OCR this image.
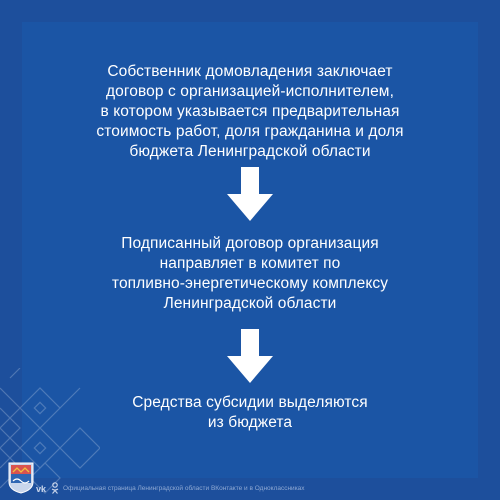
Собственник домовладения заключает
договор с организацией-исполнителем,
в котором указывается предварительная
стоимость работ, доля гражданина и доля
бюджета Ленинградской области

Подписанный договор организация
направляет в комитет по
топливно-энергетическому комплексу
Ленинградской области

Средства субсидии выделяются
из бюджета

vk	Официальная страница Ленинградской области ВКонтакте и в Одноклассниках
